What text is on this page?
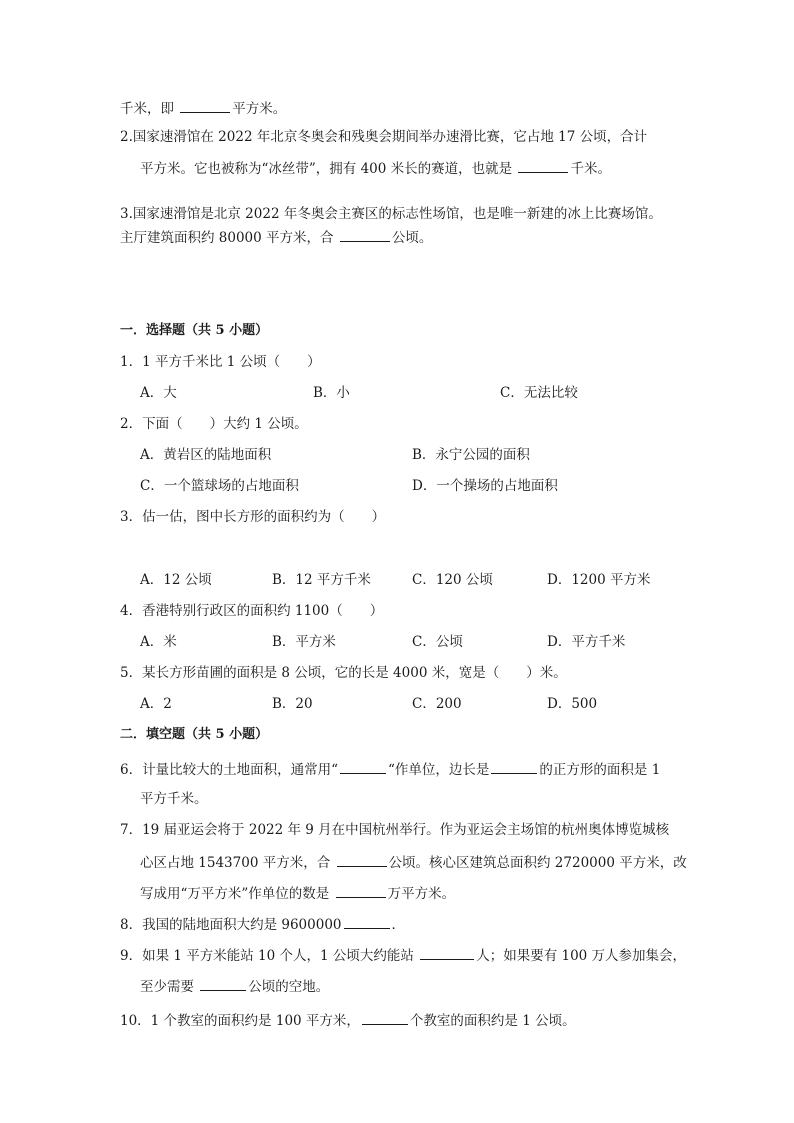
千米，即	平方米。
2.国家速滑馆在 2022 年北京冬奥会和残奥会期间举办速滑比赛，它占地 17 公顷，合计
平方米。它也被称为“冰丝带”，拥有 400 米长的赛道，也就是	千米。
3.国家速滑馆是北京 2022 年冬奥会主赛区的标志性场馆，也是唯一新建的冰上比赛场馆。
主厅建筑面积约 80000 平方米，合	公顷。
一．选择题（共 5 小题）
1．1 平方千米比 1 公顷（　　）
A．大	B．小	C．无法比较
2．下面（　　）大约 1 公顷。
A．黄岩区的陆地面积	B．永宁公园的面积
C．一个篮球场的占地面积	D．一个操场的占地面积
3．估一估，图中长方形的面积约为（　　）
A．12 公顷	B．12 平方千米	C．120 公顷	D．1200 平方米
4．香港特别行政区的面积约 1100（　　）
A．米	B．平方米	C．公顷	D．平方千米
5．某长方形苗圃的面积是 8 公顷，它的长是 4000 米，宽是（　　）米。
A．2	B．20	C．200	D．500
二．填空题（共 5 小题）
6．计量比较大的土地面积，通常用“	“作单位，边长是	的正方形的面积是 1
平方千米。
7．19 届亚运会将于 2022 年 9 月在中国杭州举行。作为亚运会主场馆的杭州奥体博览城核
心区占地 1543700 平方米，合	公顷。核心区建筑总面积约 2720000 平方米，改
写成用“万平方米”作单位的数是	万平方米。
8．我国的陆地面积大约是 9600000	．
9．如果 1 平方米能站 10 个人，1 公顷大约能站	人；如果要有 100 万人参加集会，
至少需要	公顷的空地。
10．1 个教室的面积约是 100 平方米，	个教室的面积约是 1 公顷。
